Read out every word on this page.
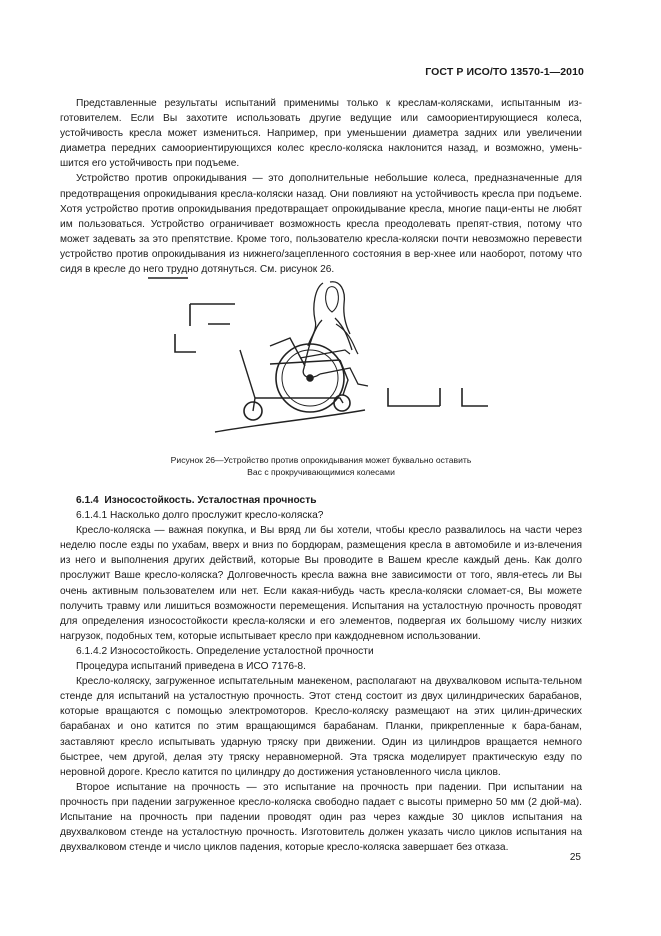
ГОСТ Р ИСО/ТО 13570-1—2010

Представленные результаты испытаний применимы только к креслам-колясками, испытанным из-готовителем. Если Вы захотите использовать другие ведущие или самоориентирующиеся колеса, устойчивость кресла может измениться. Например, при уменьшении диаметра задних или увеличении диаметра передних самоориентирующихся колес кресло-коляска наклонится назад, и возможно, умень-шится его устойчивость при подъеме.

Устройство против опрокидывания — это дополнительные небольшие колеса, предназначенные для предотвращения опрокидывания кресла-коляски назад. Они повлияют на устойчивость кресла при подъеме. Хотя устройство против опрокидывания предотвращает опрокидывание кресла, многие паци-енты не любят им пользоваться. Устройство ограничивает возможность кресла преодолевать препят-ствия, потому что может задевать за это препятствие. Кроме того, пользователю кресла-коляски почти невозможно перевести устройство против опрокидывания из нижнего/зацепленного состояния в вер-хнее или наоборот, потому что сидя в кресле до него трудно дотянуться. См. рисунок 26.

Рисунок 26—Устройство против опрокидывания может буквально оставить
Вас с прокручивающимися колесами

6.1.4 Износостойкость. Усталостная прочность

6.1.4.1 Насколько долго прослужит кресло-коляска?

Кресло-коляска — важная покупка, и Вы вряд ли бы хотели, чтобы кресло развалилось на части через неделю после езды по ухабам, вверх и вниз по бордюрам, размещения кресла в автомобиле и из-влечения из него и выполнения других действий, которые Вы проводите в Вашем кресле каждый день. Как долго прослужит Ваше кресло-коляска? Долговечность кресла важна вне зависимости от того, явля-етесь ли Вы очень активным пользователем или нет. Если какая-нибудь часть кресла-коляски сломает-ся, Вы можете получить травму или лишиться возможности перемещения. Испытания на усталостную прочность проводят для определения износостойкости кресла-коляски и его элементов, подвергая их большому числу низких нагрузок, подобных тем, которые испытывает кресло при каждодневном использовании.

6.1.4.2 Износостойкость. Определение усталостной прочности

Процедура испытаний приведена в ИСО 7176-8.

Кресло-коляску, загруженное испытательным манекеном, располагают на двухвалковом испыта-тельном стенде для испытаний на усталостную прочность. Этот стенд состоит из двух цилиндрических барабанов, которые вращаются с помощью электромоторов. Кресло-коляску размещают на этих цилин-дрических барабанах и оно катится по этим вращающимся барабанам. Планки, прикрепленные к бара-банам, заставляют кресло испытывать ударную тряску при движении. Один из цилиндров вращается немного быстрее, чем другой, делая эту тряску неравномерной. Эта тряска моделирует практическую езду по неровной дороге. Кресло катится по цилиндру до достижения установленного числа циклов.

Второе испытание на прочность — это испытание на прочность при падении. При испытании на прочность при падении загруженное кресло-коляска свободно падает с высоты примерно 50 мм (2 дюй-ма). Испытание на прочность при падении проводят один раз через каждые 30 циклов испытания на двухвалковом стенде на усталостную прочность. Изготовитель должен указать число циклов испытания на двухвалковом стенде и число циклов падения, которые кресло-коляска завершает без отказа.

25
